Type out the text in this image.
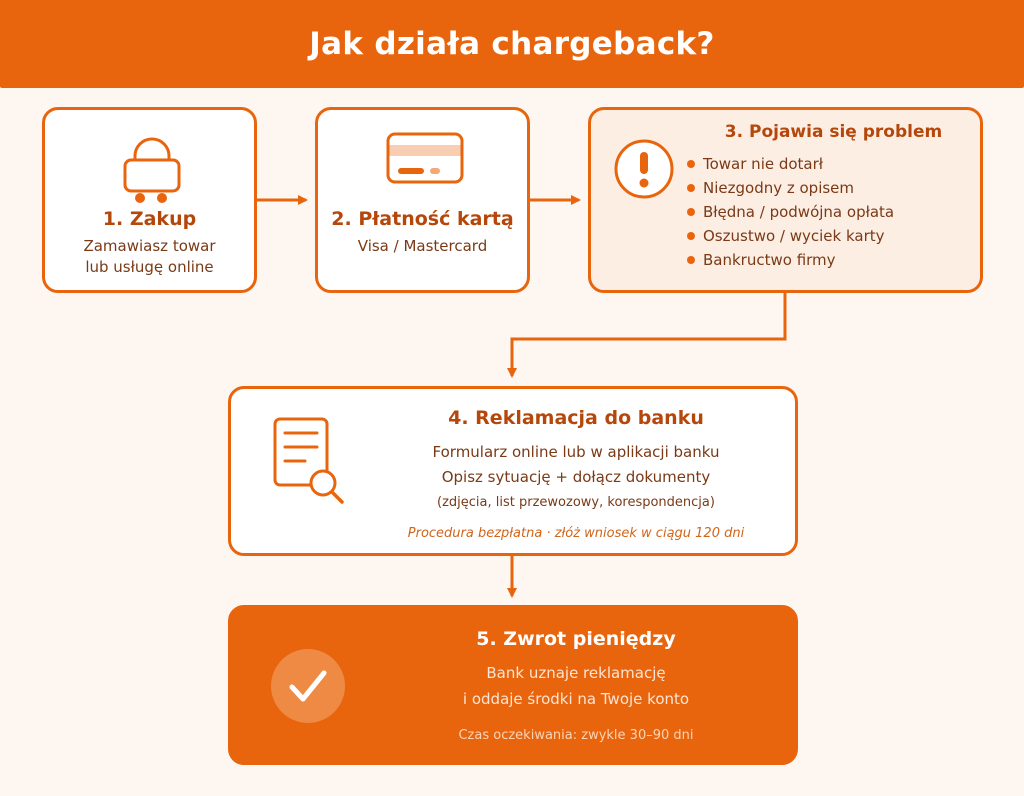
Jak działa chargeback?
1. Zakup
Zamawiasz towar
lub usługę online
2. Płatność kartą
Visa / Mastercard
3. Pojawia się problem
Towar nie dotarł
Niezgodny z opisem
Błędna / podwójna opłata
Oszustwo / wyciek karty
Bankructwo firmy
4. Reklamacja do banku
Formularz online lub w aplikacji banku
Opisz sytuację + dołącz dokumenty
(zdjęcia, list przewozowy, korespondencja)
Procedura bezpłatna · złóż wniosek w ciągu 120 dni
5. Zwrot pieniędzy
Bank uznaje reklamację
i oddaje środki na Twoje konto
Czas oczekiwania: zwykle 30–90 dni
